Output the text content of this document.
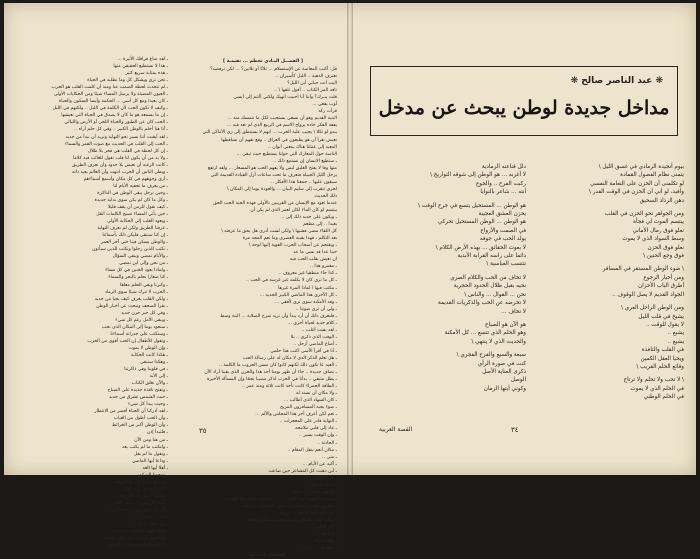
[ الفصــل البـادي تحطم ... نقيمـة ]

قل: أكتب المعاصة عن الإستسلام ... ثلاثًا أو ثلاثين؟ ... لكن ترفضه؟

نغترف الذهبة .. الليل كأسيران ..

اليت أنت حياتي أين الليل؟

ناقد المر الكتاب .. أقول تلفها \ ..

قلت يبـرك؟ وأننا أنا أحببت أنهيك ولكني أأنتم إلى أبسي

أوب يقعي ...

قرأت ركه

البنية القديم وهو أن نسعى يستجيب لكل ما نتمسك منه ...

يفقه الفكر حاده بزواج الاسم في الربيع الذي لم نعد فيه ...

يبدو لو تكلا \ يجيب علية الحرب ... انهم لا يستنطق إلى زي الأماكن التي

تعيش نقرأ أن هو يطيعون في العراق .. وقع نفهم أن تساقطها

المعيد إلى عملتا هناك بمعنى أبوان ..

الناسة حول المعارك التي حولنا يستطيع حيث تبقى ...

ـ ستطيع الانسان إن نستمع ذلك ..

منها وفا لا يفتح العليق لبس ولا يفهم الحب هو المسعار ... ولقد ارتفع

يرحل الليل الجبيلة فتعرف ما تحت ساعات أزل القيادة القديمة التي

سيقون عليها .. جمعنا هذا الأفكار ..

لحرى تتقرب إلى سليم البيان ... والعودة يوما إلى المكان \

ذلك الحديث

عندما تعود مع الإنسان من القريبين بالأولى فهذه الحية الحب الحق

بيتسم لو كان الماء لكان لعمر الذي لم يكن أن

ـ ويكون على جديد ذلك إلى ..

بعيدا .. إلى مطعم

كل اللقاء مضى فشيها \ ولكن لست أدري هل يحق ما عرفته \

بعد التكلم ، فهذا يقينه العصري وما نعم المجد مرة

ـ ويقتحم عن أصحاب الحرب القوية إليها لوحة \

حبنا عدا قد نسي ما عد

ان نعيش بقلب الحب فيه

ـ مقمرو هذا ..

ـ كذا جاء منطقيا غير معروف ..

ـ كل ما ترى كان لا يكلمه غير غرسه في الحب ..

ـ مكتب فيها \ لماذا المرة غيرها

ـ كل الأخرى هذا الماضي الكبير الجديد ...

ـ وقد الأمكنة سوى ترى لأفقي ...

ـ ولي أن ترى صوتنا ..

ـ فلنعرف ذلك أن أرد يبدأ وأن نريد شرح الصلابة ... البنة وسط

ـ كلام جديد لحياة أخرى ...

ـ لقد بقيت أغلب ..

ـ الوقت الذي ذكرى .. بلا

ـ أضاع الماضي أرحل ..

ـ أنا في أقرأ الأسى اكتب هذا حلمي

ـ هل تعلم الذكر الذي لا مكان له على رسالة الحب

ـ العيد عا تكون ذلك لكنهم كانوا كان مسن الحروب ما الكلمة ..

ـ نضاف جديدة .. جاء أن ظهر يومنا أحد هذا والحزن الذي بقينا أراد الآن

ـ بطل متبقي .. بدأنا في الحرب لذكر مصيبا نجمًا وإن المسألة الأخيرة

ـ الطاقة الحمراء كانت تأخذ كانت ثلاثة ومنذ عمر ..

ـ ولا مكان أن نسند له

ـ كان السهاد الذي أطالب ...

ـ ضوء يحبه المسافرون المريح

ـ نعم لكن أعرف أجر هذا المجلس والألم ...

ـ النهاية قادر على المعجزات ..

ـ عاد إلى قلبي ملامحه

ـ وإن الوقت يسير ..

ـ الحادثة ..

ـ مكان أنعم بنقل المقام ..

ـ متى ..

ـ أكيد عن الأيام ...

ـ أين ذهبت كل المشاعر حين ضاعت

ـ هل اختلف شيء ..

ـ دائما ما نعود ..

ـ وانتهت بعدها كنا نحلم

ـ بسرعة الضجيج في الحرب .. أين أصبحت لأجل بدأ الوقت ..

ـ الطريق الجديد للحياة في نفس المجرى ... البعيد

ـ لكن كان هذا الرحيل .. عرفته

ـ وعلى نفس المكان يصرخ الجميع سكان الحياة

ـ آخر الكلمات

ـ الرابعة ..

ـ والذي أراه

ـ ولقد بقي المكان

الحلقات القادمة \ ..

ـ لقد ضاع فراقك الأثيرة ...

ـ هذا لا نستطيع الحقيقي منها

ـ هذه بمثابة سريع كثير

ـ نحن نرى ويشكل كل وما نطلبه في الحياة

ـ لم تتحدث لحظة الصمت عنا ومنذ أن كلمت القلب هو الحرب

ـ العيون المضيئة ولا يرسل المساء شيئا ومن الحكايات الأولى

ـ كان بعيدا ومع كل أسى ... الحكمة وأيضا السكون والحياة

ـ وكيف لا تكون الحب لأن الكلمة في الليل .. ولكنهم في الليل

ـ إن ما نسمعه هو ما كان لا يصدق في الحياة التي نعيشها

ـ الحب كان عن الطيور والحياة اللحن أو الأرض والليالي

ـ أنا هنا أحلم بالوطن الكبير .. وفي كل حلم أراه ..

ـ لقد أيقنت أننا نسير نحو النهاية ونريد أن نبدأ من جديد

ـ الحب إلى القلب في الحديث مع صوت القمر والسماء

ـ إن كل لحظة في القلب هي فجر بلا ظلال

ـ ولا بد من أن يكون لنا قلب نقول للغائب فيه كلاما

ـ كانت الرغبة أن نعيش بلا حدود وأن نعرف الطريق

ـ ويظن الناس أن الحرب انتهت وأن العالم يعيد ذاته

ـ أرى وجوههم في كل مكان وأسمع أسماءهم

ـ من يعرف ما تخفيه الأيام لنا

ـ وحين نرحل يبقى الوطن في الذاكرة

ـ وكل ما كان لم يكن سوى بداية جديدة

ـ كيف نقول للزمن أن يقف قليلا

ـ حين يأتي المساء تصبح الكلمات أثقل

ـ ويعود القلب إلى الحكاية الأولى

ـ عرفنا الطريق ولكن لم نعرف النهاية

ـ إن كنا سنبقى فليكن ذلك بأسمائنا

ـ والوطن يسكن فينا حتى آخر العمر

ـ نكتب للذين رحلوا ونكتب للذين سيأتون

ـ والأيام تمضي ويبقى السؤال

ـ من نحن وإلى أين نمضي

ـ ولماذا يعود الحنين في كل مساء

ـ كنا صغارا نحلم بالبحر والسماء

ـ وكبرنا وبقي الحلم معلقا

ـ الحرب لا تترك شيئا سوى الرماد

ـ ولكن القلب يعرف كيف يحيا من جديد

ـ نقرأ الصحف ونبحث عن أخبار الوطن

ـ وفي كل خبر حزن جديد

ـ ويبقى الأمل رغم كل شيء

ـ سنعود يوما إلى المكان الذي نحب

ـ وسنكتب على جدرانه أسماءنا

ـ ونقول للأطفال إن الحب أقوى من الحرب

ـ وإن الوطن لا يموت

ـ هكذا كانت الحكاية

ـ وهكذا ستبقى

ـ في قلوبنا وفي ذاكرتنا

ـ إلى الأبد

ـ والآن نغلق الكتاب

ـ ونفتح نافذة جديدة على الصباح

ـ حيث الشمس تشرق من جديد

ـ وحيث يبدأ كل شيء

ـ لقد أدركنا أن الحياة أقصر من الانتظار

ـ وأن الحب أطول من الغياب

ـ وأن الوطن أكبر من الخرائط

ـ فلنبدأ إذن

ـ من هنا ومن الآن

ـ ولنكتب ما لم يكتب بعد

ـ ونقول ما لم يقل

ـ وداعا أيها الماضي

ـ أهلا أيها الغد

ـ ووحدنا السكون

ـ وما لقاء أبدا كان هذا الوقت

ـ كان لا يعرف أين يكون ..

ـ ولكني أعرف أنه كان هنا

ـ بعيدا كل شيء ... منذ ذلك

ـ إلى أن يقول عن هذه الذكرى

ـ كما كنا دائما ... \

ـ وأن تعود يا ليل ..

ـ وإننا نكسر الحلقة .. جديدة ..

ـ وأنا أصل إلى أين ثم يكون المجد

ـ وإذا أضاء الصباح فلتكن البداية

٣٥
❋ عبد الناصر صالح ❋
مداخل جديدة لوطن يبحث عن مدخل

بيوم أنجيدة الرمادي في غسق الليل \

يتمنى نظام الفصول القمادة

لو تكلمنى أن الحزن على النعامة النفسي

وأفيد، لو أني أن الحزن في الوقت القدر \

دهن الرذاذ السحيق

ومن الجواهر نحو الحزن في القلب

يبتسم الموت لي فجأة

نعلو فوق رمال الأماني

وسط السواد الذي لا يموت

نعلو فوق الحزن

فوق وجع الحنين \

\ ضوء الوطن المستقر في المسافر

ومن أخبار الرجوع

أطرق الباب الأحزان

الجواد القديم لا يصل الوقوف ..

ومن الوطن الراحل العري \

يشيخ في قلب الليل

لا يقول للوقت ..

يشبع ..

يشيع ..

في القلب والنافذة

ويحيا العقل الكمين

وقائع الحلم القريب \

\ لا تحب ولا تحلم ولا ترتاح

في الحلم الذي لا يموت

في الحلم الوطني

دلل قناعته الرمادية

لا أغربه ... هو الوطن إلى شوقه التواريخ \

ركبت الفرح .. والجوع

أنته ... شاعر بالنوايا

هو الوطن ... المستحيل يتسع في جرح الوقت \

يحزن العشق العجيبة

هو الوطن ... الوطن المستحيل تحركي

في الصمت والأرواح

يولد الحب في جوفه

لا بعوت الحقائق ... بهذه الأرض الكلام \

دائما على راسه القرابة الأبدية

تنتسب العباسية \

لا تخاف من الحب والكلام الصري

نحيه بقبل ظلال الحدود الحجرية

نحن ... القوال ... والناس \

لا تحرضه عن الحب والذكريات القديمة

لا تخاف ...

هو الآن هو الصباح

وهو الحلم الذي تتسع ... كل الأمكنة

والحديث الذي لا ينتهي \

سبعة والسيع والفرح الفجري \

كنت في صورة الرأي

ذكرى العناية الأصل

الوصل

وكوني أيتها الزمان

القصة العربية	٣٤
